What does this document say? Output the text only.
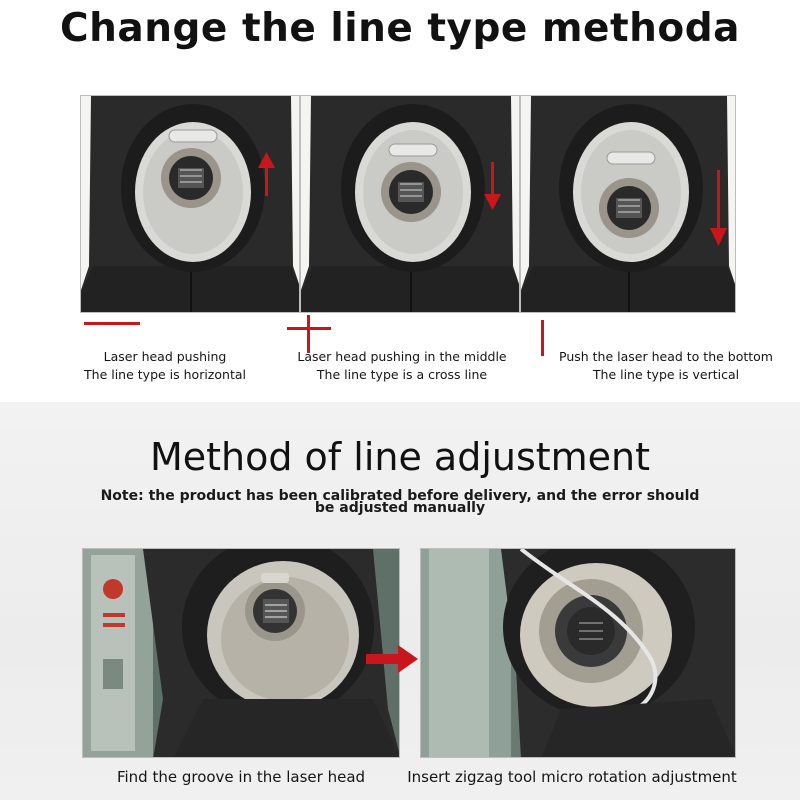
Change the line type methoda
Laser head pushing
The line type is horizontal
Laser head pushing in the middle
The line type is a cross line
Push the laser head to the bottom
The line type is vertical
Method of line adjustment
Note: the product has been calibrated before delivery, and the error should
be adjusted manually
Find the groove in the laser head	Insert zigzag tool micro rotation adjustment
